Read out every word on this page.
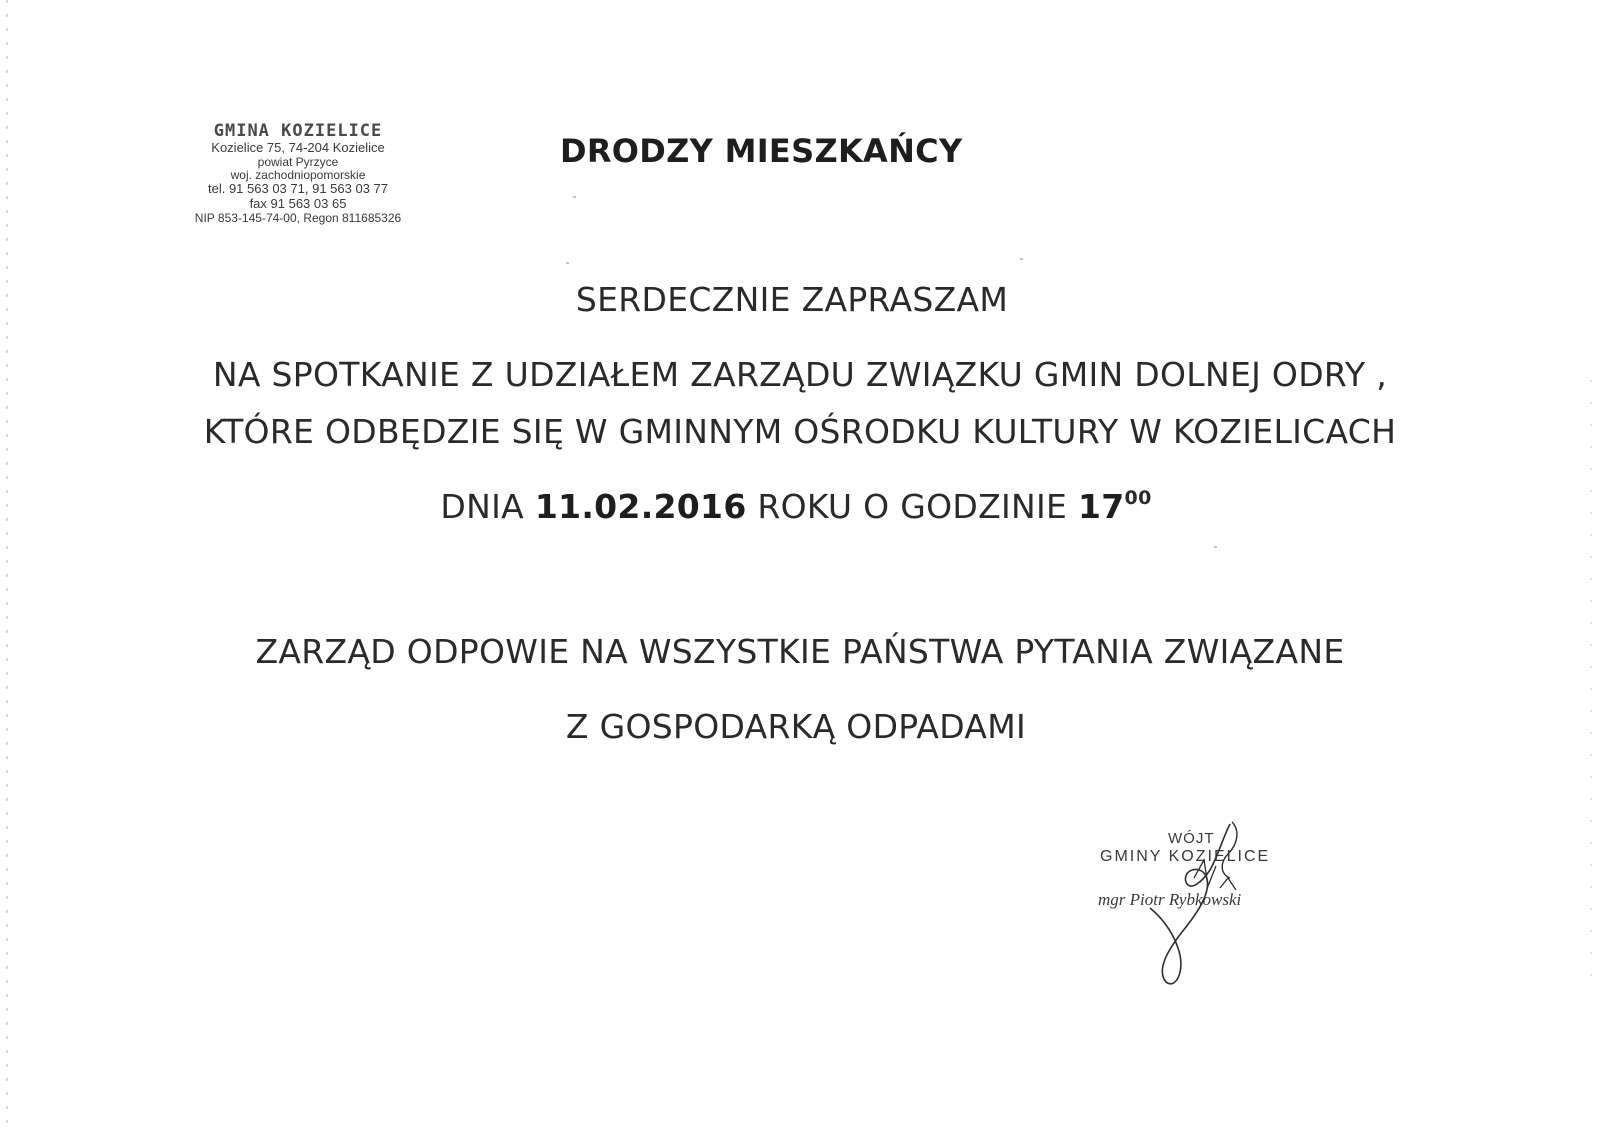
GMINA KOZIELICE
Kozielice 75, 74-204 Kozielice
powiat Pyrzyce
woj. zachodniopomorskie
tel. 91 563 03 71, 91 563 03 77
fax 91 563 03 65
NIP 853-145-74-00, Regon 811685326
DRODZY MIESZKAŃCY
SERDECZNIE ZAPRASZAM
NA SPOTKANIE Z UDZIAŁEM ZARZĄDU ZWIĄZKU GMIN DOLNEJ ODRY ,
KTÓRE ODBĘDZIE SIĘ W GMINNYM OŚRODKU KULTURY W KOZIELICACH
DNIA 11.02.2016 ROKU O GODZINIE $17^{00}$
ZARZĄD ODPOWIE NA WSZYSTKIE PAŃSTWA PYTANIA ZWIĄZANE
Z GOSPODARKĄ ODPADAMI
WÓJT
GMINY KOZIELICE
mgr Piotr Rybkowski
